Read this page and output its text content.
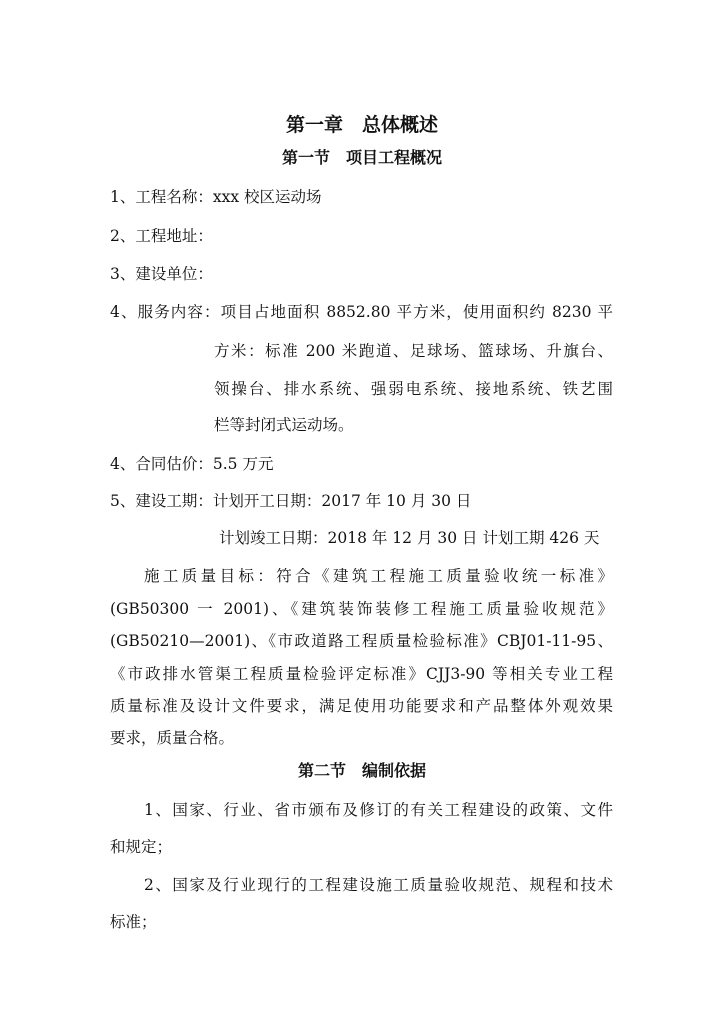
第一章　总体概述
第一节　项目工程概况
1、工程名称：xxx 校区运动场
2、工程地址：
3、建设单位：
4、服务内容：项目占地面积 8852.80 平方米，使用面积约 8230 平
方米：标准 200 米跑道、足球场、篮球场、升旗台、
领操台、排水系统、强弱电系统、接地系统、铁艺围
栏等封闭式运动场。
4、合同估价：5.5 万元
5、建设工期：计划开工日期：2017 年 10 月 30 日
计划竣工日期：2018 年 12 月 30 日 计划工期 426 天
施工质量目标：符合《建筑工程施工质量验收统一标准》
(GB50300 一 2001)、《建筑装饰装修工程施工质量验收规范》
(GB50210—2001)、《市政道路工程质量检验标准》CBJ01-11-95、
《市政排水管渠工程质量检验评定标准》CJJ3-90 等相关专业工程
质量标准及设计文件要求，满足使用功能要求和产品整体外观效果
要求，质量合格。
第二节　编制依据
1、国家、行业、省市颁布及修订的有关工程建设的政策、文件
和规定；
2、国家及行业现行的工程建设施工质量验收规范、规程和技术
标准；
